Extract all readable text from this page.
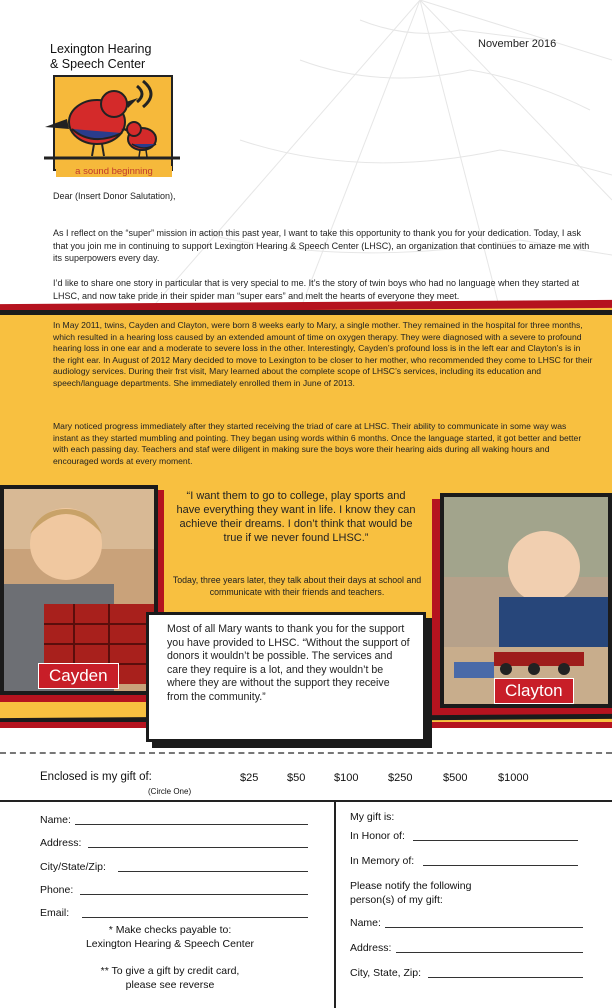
Lexington Hearing
& Speech Center
a sound beginning
November 2016
Dear (Insert Donor Salutation),
As I reflect on the “super” mission in action this past year, I want to take this opportunity to thank you for your dedication. Today, I ask that you join me in continuing to support Lexington Hearing & Speech Center (LHSC), an organization that continues to amaze me with its superpowers every day.
I’d like to share one story in particular that is very special to me. It’s the story of twin boys who had no language when they started at LHSC, and now take pride in their spider man “super ears” and melt the hearts of everyone they meet.
In May 2011, twins, Cayden and Clayton, were born 8 weeks early to Mary, a single mother. They remained in the hospital for three months, which resulted in a hearing loss caused by an extended amount of time on oxygen therapy. They were diagnosed with a severe to profound hearing loss in one ear and a moderate to severe loss in the other. Interestingly, Cayden’s profound loss is in the left ear and Clayton’s is in the right ear. In August of 2012 Mary decided to move to Lexington to be closer to her mother, who recommended they come to LHSC for their audiology services. During their frst visit, Mary learned about the complete scope of LHSC’s services, including its education and speech/language departments. She immediately enrolled them in June of 2013.
Mary noticed progress immediately after they started receiving the triad of care at LHSC. Their ability to communicate in some way was instant as they started mumbling and pointing. They began using words within 6 months. Once the language started, it got better and better with each passing day. Teachers and staf were diligent in making sure the boys wore their hearing aids during all waking hours and encouraged words at every moment.
Cayden
Clayton
“I want them to go to college, play sports and have everything they want in life. I know they can achieve their dreams. I don’t think that would be true if we never found LHSC.”
Today, three years later, they talk about their days at school and communicate with their friends and teachers.
Most of all Mary wants to thank you for the support you have provided to LHSC. “Without the support of donors it wouldn’t be possible. The services and care they require is a lot, and they wouldn’t be where they are without the support they receive from the community.”
Enclosed is my gift of:
(Circle One)
$25	$50	$100	$250	$500	$1000
Name:
Address:
City/State/Zip:
Phone:
Email:
* Make checks payable to:
Lexington Hearing & Speech Center
** To give a gift by credit card,
please see reverse
My gift is:
In Honor of:
In Memory of:
Please notify the following
person(s) of my gift:
Name:
Address:
City, State, Zip:
